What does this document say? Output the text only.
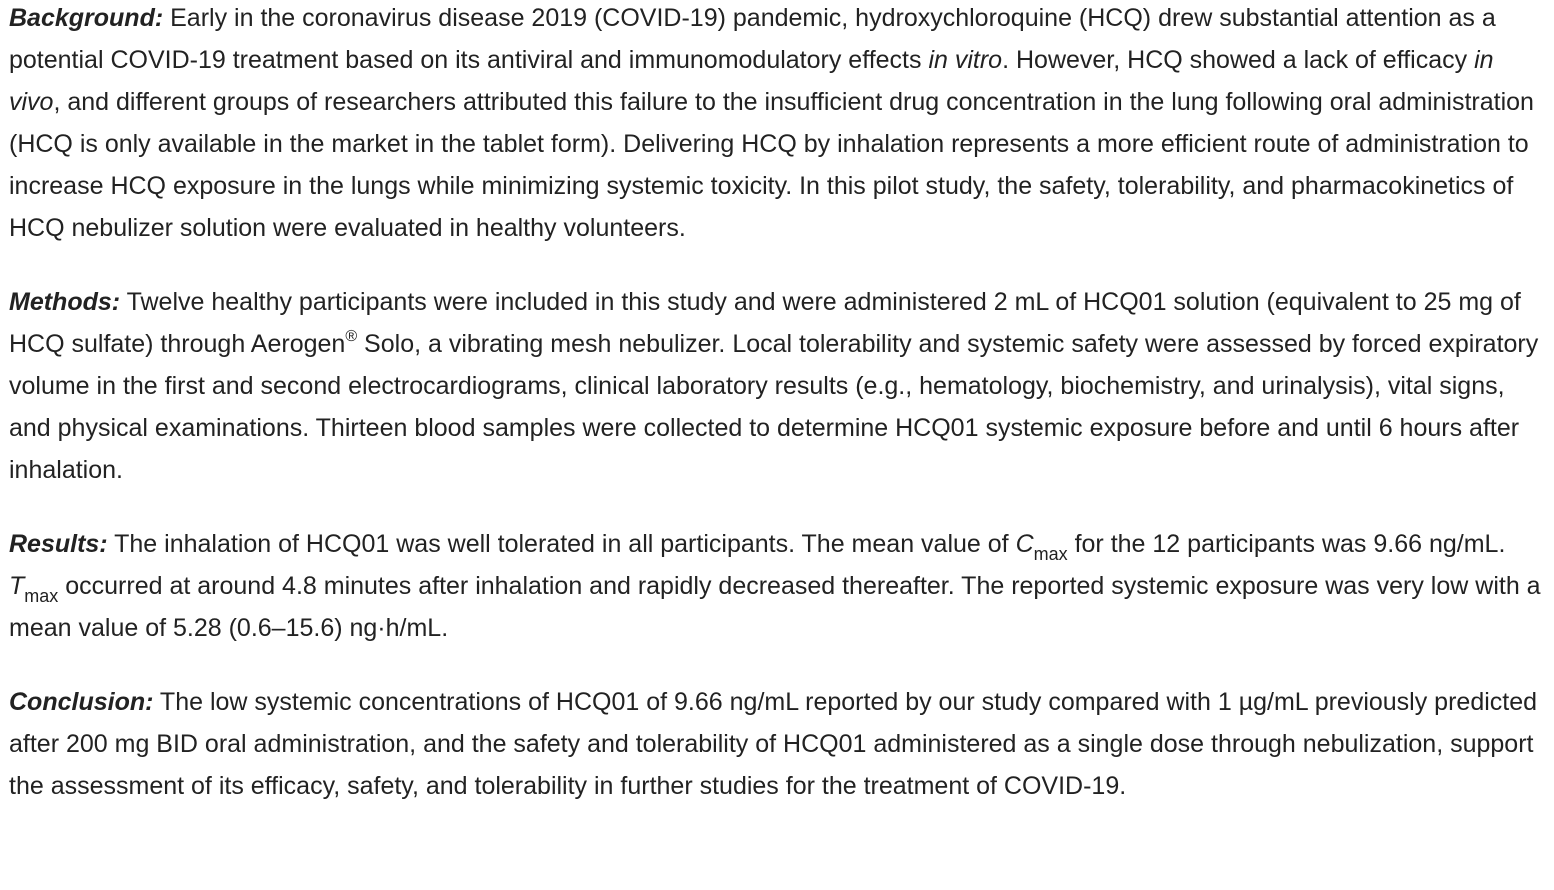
Background: Early in the coronavirus disease 2019 (COVID-19) pandemic, hydroxychloroquine (HCQ) drew substantial attention as a potential COVID-19 treatment based on its antiviral and immunomodulatory effects in vitro. However, HCQ showed a lack of efficacy in vivo, and different groups of researchers attributed this failure to the insufficient drug concentration in the lung following oral administration (HCQ is only available in the market in the tablet form). Delivering HCQ by inhalation represents a more efficient route of administration to increase HCQ exposure in the lungs while minimizing systemic toxicity. In this pilot study, the safety, tolerability, and pharmacokinetics of HCQ nebulizer solution were evaluated in healthy volunteers.

Methods: Twelve healthy participants were included in this study and were administered 2 mL of HCQ01 solution (equivalent to 25 mg of HCQ sulfate) through Aerogen® Solo, a vibrating mesh nebulizer. Local tolerability and systemic safety were assessed by forced expiratory volume in the first and second electrocardiograms, clinical laboratory results (e.g., hematology, biochemistry, and urinalysis), vital signs, and physical examinations. Thirteen blood samples were collected to determine HCQ01 systemic exposure before and until 6 hours after inhalation.

Results: The inhalation of HCQ01 was well tolerated in all participants. The mean value of $C_{max}$ for the 12 participants was 9.66 ng/mL. $T_{max}$ occurred at around 4.8 minutes after inhalation and rapidly decreased thereafter. The reported systemic exposure was very low with a mean value of 5.28 (0.6–15.6) ng·h/mL.

Conclusion: The low systemic concentrations of HCQ01 of 9.66 ng/mL reported by our study compared with 1 µg/mL previously predicted after 200 mg BID oral administration, and the safety and tolerability of HCQ01 administered as a single dose through nebulization, support the assessment of its efficacy, safety, and tolerability in further studies for the treatment of COVID-19.
